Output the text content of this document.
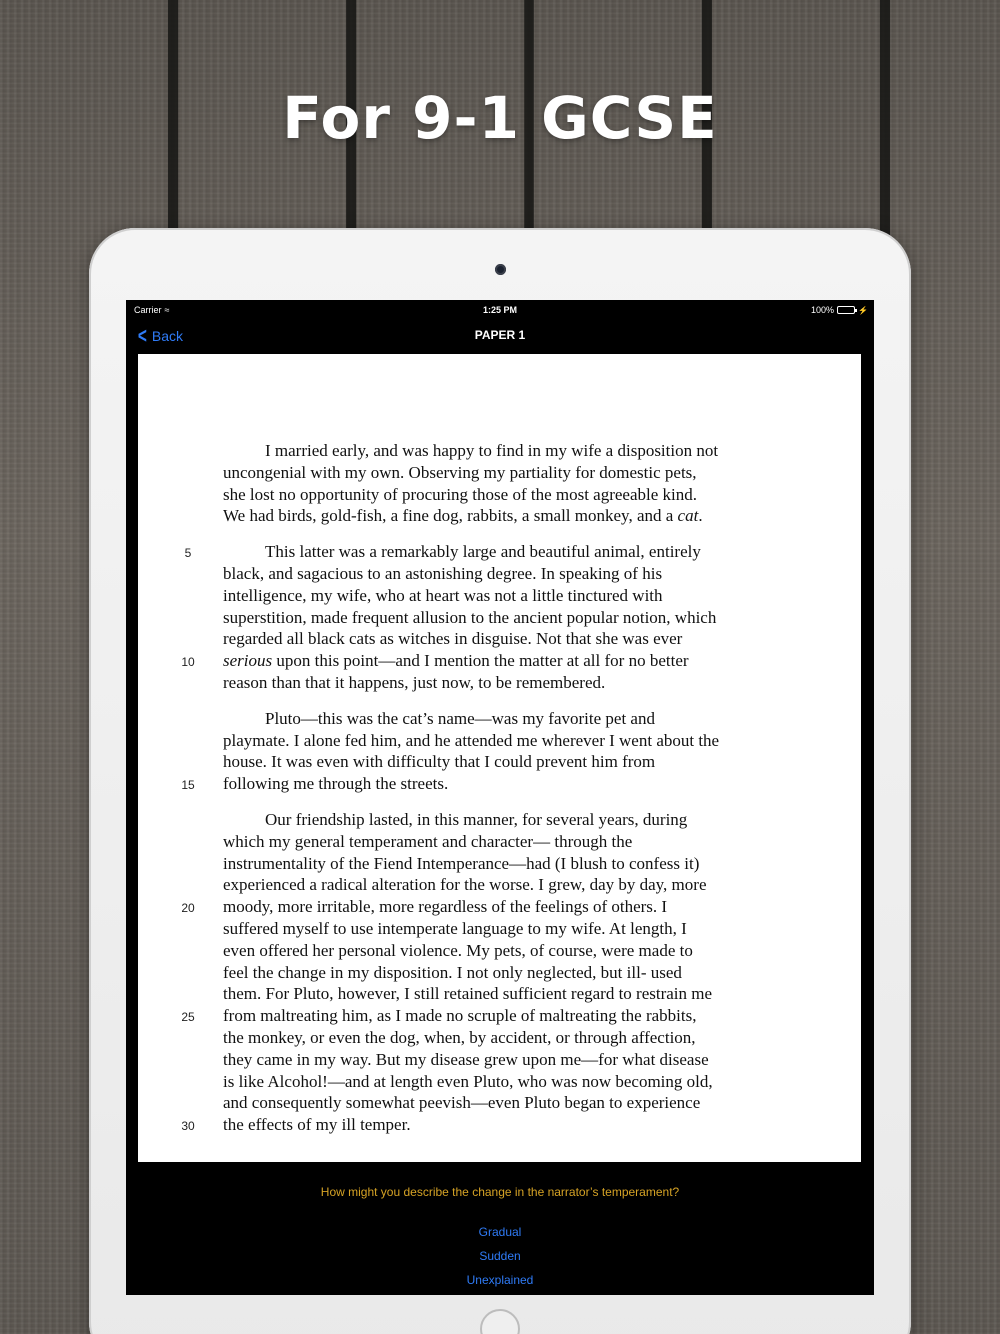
For 9-1 GCSE
Carrier ≈	1:25 PM	100%	⚡
< Back	PAPER 1
I married early, and was happy to find in my wife a disposition not
uncongenial with my own. Observing my partiality for domestic pets,
she lost no opportunity of procuring those of the most agreeable kind.
We had birds, gold-fish, a fine dog, rabbits, a small monkey, and a cat.
This latter was a remarkably large and beautiful animal, entirely
5
black, and sagacious to an astonishing degree. In speaking of his
intelligence, my wife, who at heart was not a little tinctured with
superstition, made frequent allusion to the ancient popular notion, which
regarded all black cats as witches in disguise. Not that she was ever
serious upon this point—and I mention the matter at all for no better
10
reason than that it happens, just now, to be remembered.
Pluto—this was the cat’s name—was my favorite pet and
playmate. I alone fed him, and he attended me wherever I went about the
house. It was even with difficulty that I could prevent him from
following me through the streets.
15
Our friendship lasted, in this manner, for several years, during
which my general temperament and character— through the
instrumentality of the Fiend Intemperance—had (I blush to confess it)
experienced a radical alteration for the worse. I grew, day by day, more
moody, more irritable, more regardless of the feelings of others. I
20
suffered myself to use intemperate language to my wife. At length, I
even offered her personal violence. My pets, of course, were made to
feel the change in my disposition. I not only neglected, but ill- used
them. For Pluto, however, I still retained sufficient regard to restrain me
from maltreating him, as I made no scruple of maltreating the rabbits,
25
the monkey, or even the dog, when, by accident, or through affection,
they came in my way. But my disease grew upon me—for what disease
is like Alcohol!—and at length even Pluto, who was now becoming old,
and consequently somewhat peevish—even Pluto began to experience
the effects of my ill temper.
30
How might you describe the change in the narrator’s temperament?
Gradual
Sudden
Unexplained
